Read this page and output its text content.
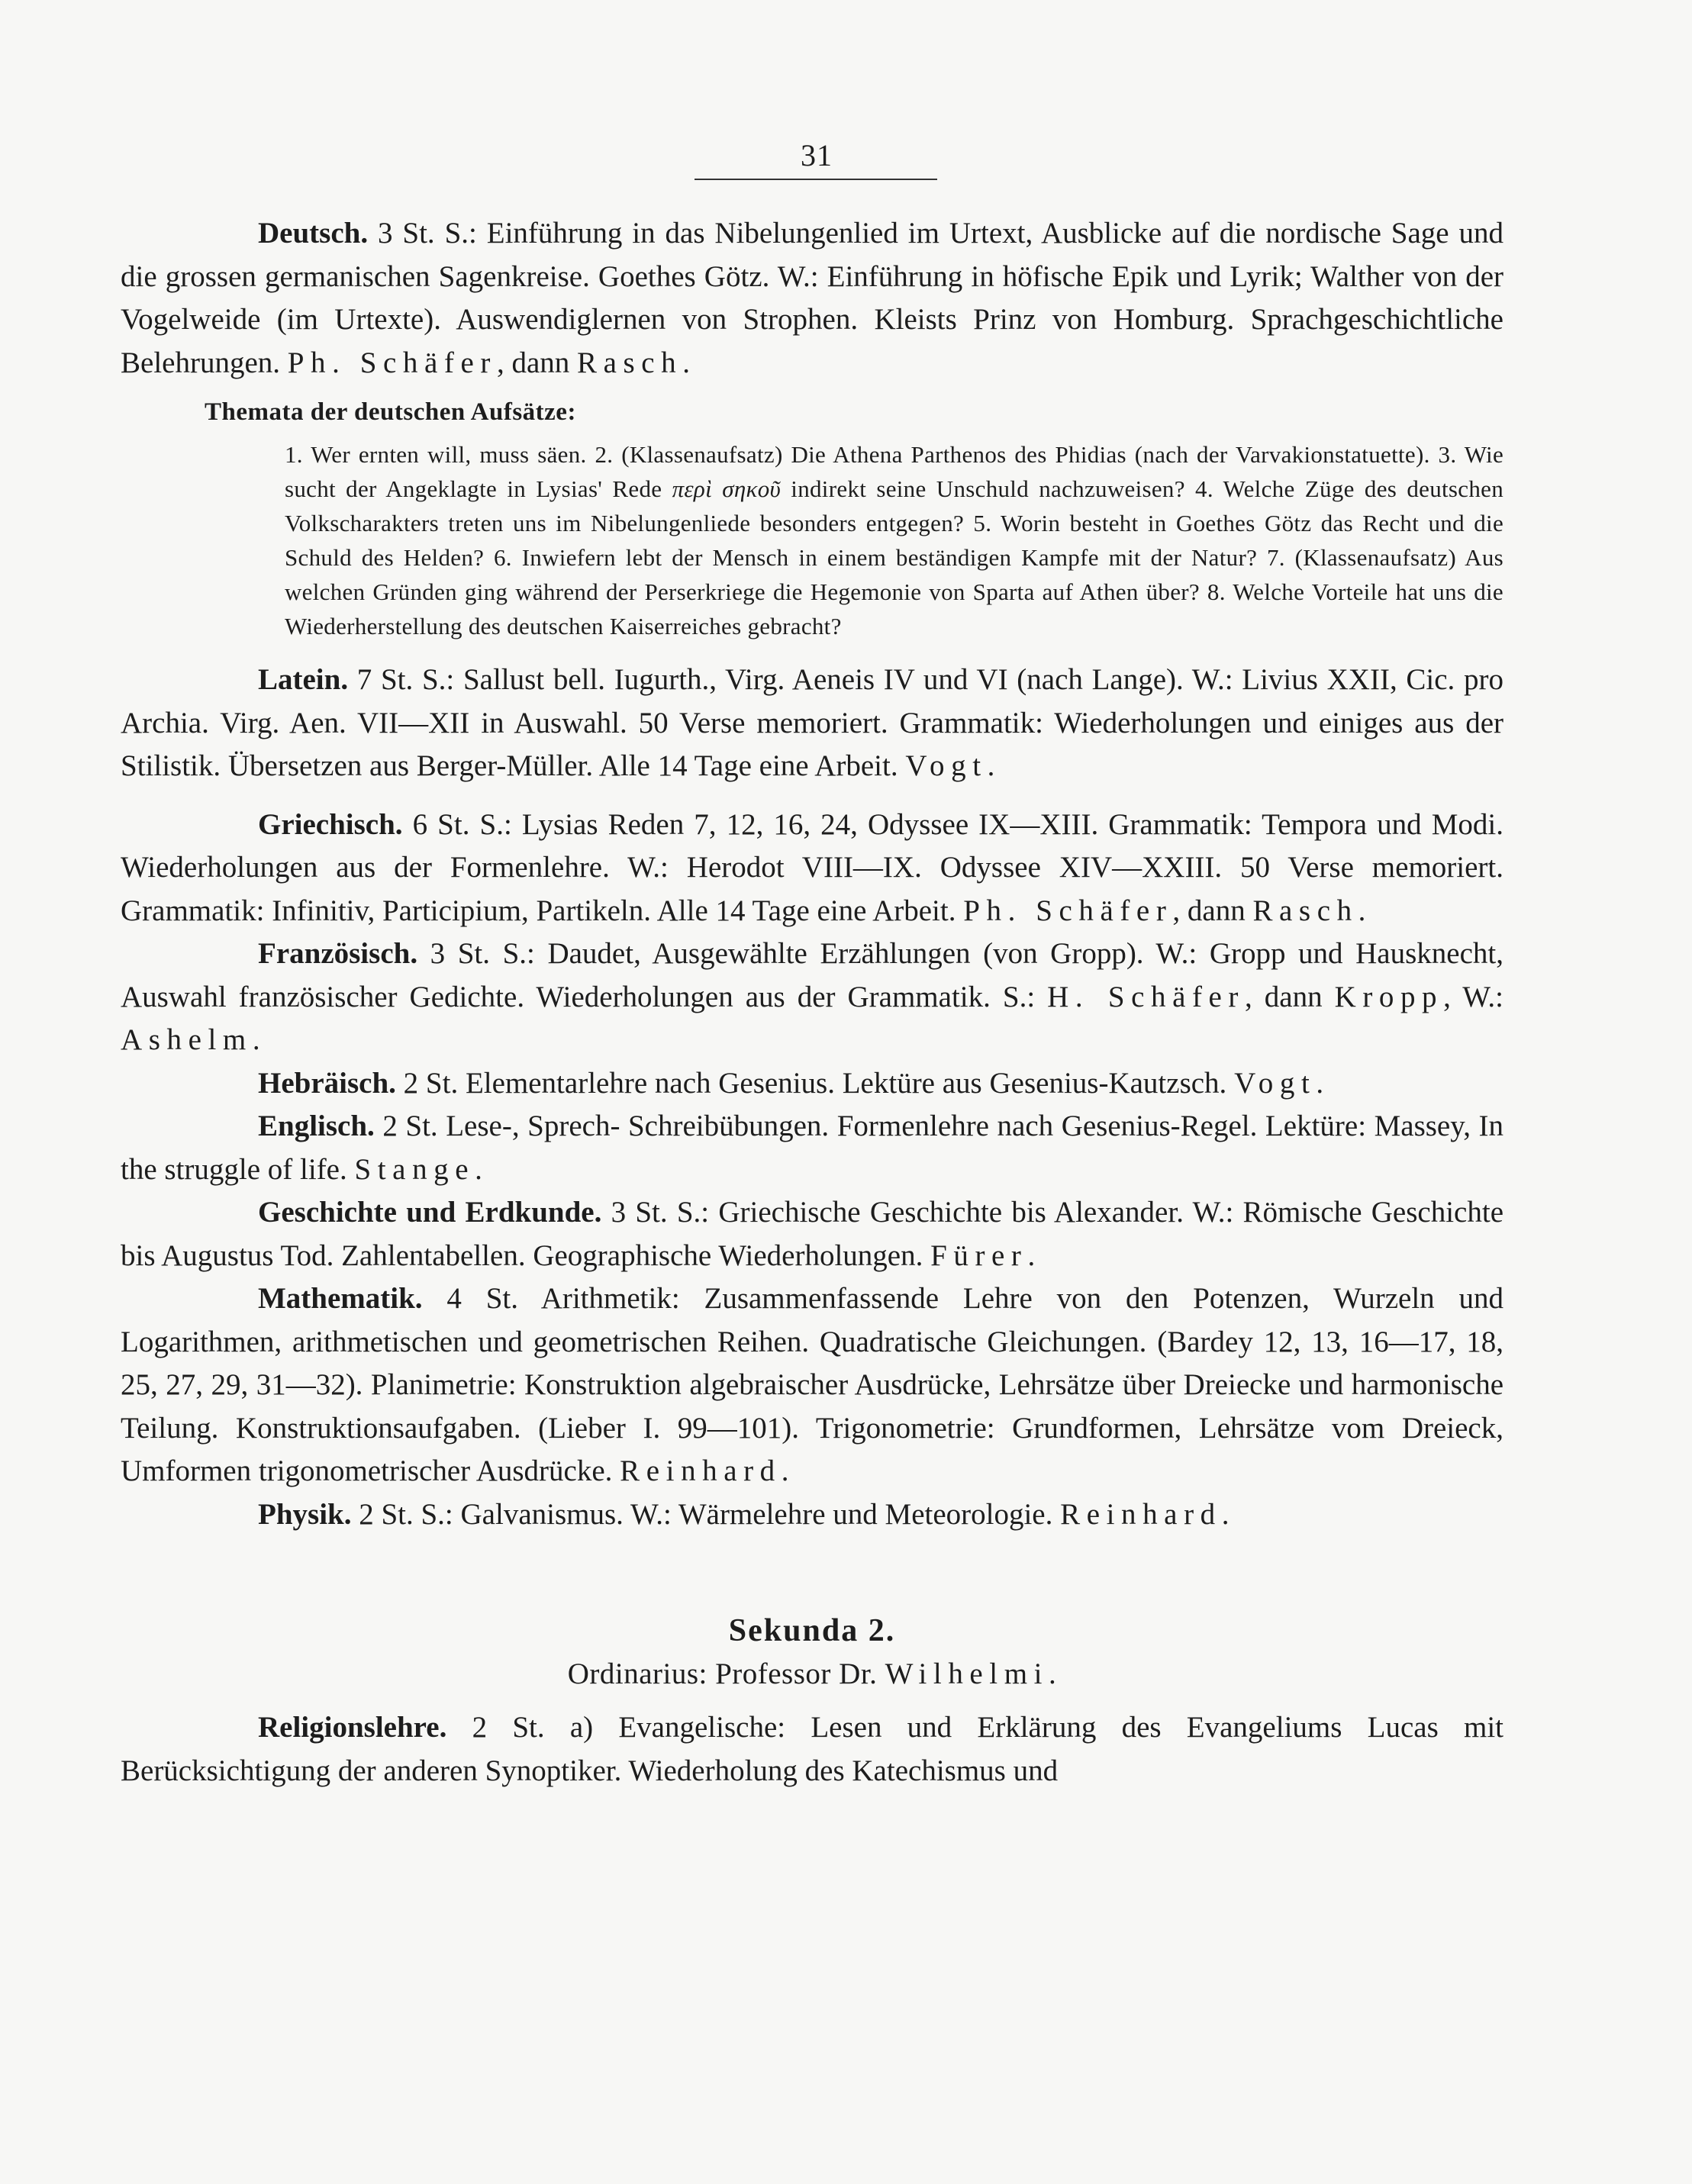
31

Deutsch. 3 St. S.: Einführung in das Nibelungenlied im Urtext, Ausblicke auf die nordische Sage und die grossen germanischen Sagenkreise. Goethes Götz. W.: Einführung in höfische Epik und Lyrik; Walther von der Vogelweide (im Urtexte). Auswendiglernen von Strophen. Kleists Prinz von Homburg. Sprachgeschichtliche Belehrungen. Ph. Schäfer, dann Rasch.

Themata der deutschen Aufsätze:

1. Wer ernten will, muss säen. 2. (Klassenaufsatz) Die Athena Parthenos des Phidias (nach der Varvakionstatuette). 3. Wie sucht der Angeklagte in Lysias' Rede περὶ σηκοῦ indirekt seine Unschuld nachzuweisen? 4. Welche Züge des deutschen Volkscharakters treten uns im Nibelungenliede besonders entgegen? 5. Worin besteht in Goethes Götz das Recht und die Schuld des Helden? 6. Inwiefern lebt der Mensch in einem beständigen Kampfe mit der Natur? 7. (Klassenaufsatz) Aus welchen Gründen ging während der Perserkriege die Hegemonie von Sparta auf Athen über? 8. Welche Vorteile hat uns die Wiederherstellung des deutschen Kaiserreiches gebracht?

Latein. 7 St. S.: Sallust bell. Iugurth., Virg. Aeneis IV und VI (nach Lange). W.: Livius XXII, Cic. pro Archia. Virg. Aen. VII—XII in Auswahl. 50 Verse memoriert. Grammatik: Wiederholungen und einiges aus der Stilistik. Übersetzen aus Berger-Müller. Alle 14 Tage eine Arbeit. Vogt.

Griechisch. 6 St. S.: Lysias Reden 7, 12, 16, 24, Odyssee IX—XIII. Grammatik: Tempora und Modi. Wiederholungen aus der Formenlehre. W.: Herodot VIII—IX. Odyssee XIV—XXIII. 50 Verse memoriert. Grammatik: Infinitiv, Participium, Partikeln. Alle 14 Tage eine Arbeit. Ph. Schäfer, dann Rasch.

Französisch. 3 St. S.: Daudet, Ausgewählte Erzählungen (von Gropp). W.: Gropp und Hausknecht, Auswahl französischer Gedichte. Wiederholungen aus der Grammatik. S.: H. Schäfer, dann Kropp, W.: Ashelm.

Hebräisch. 2 St. Elementarlehre nach Gesenius. Lektüre aus Gesenius-Kautzsch. Vogt.

Englisch. 2 St. Lese-, Sprech- Schreibübungen. Formenlehre nach Gesenius-Regel. Lektüre: Massey, In the struggle of life. Stange.

Geschichte und Erdkunde. 3 St. S.: Griechische Geschichte bis Alexander. W.: Römische Geschichte bis Augustus Tod. Zahlentabellen. Geographische Wiederholungen. Fürer.

Mathematik. 4 St. Arithmetik: Zusammenfassende Lehre von den Potenzen, Wurzeln und Logarithmen, arithmetischen und geometrischen Reihen. Quadratische Gleichungen. (Bardey 12, 13, 16—17, 18, 25, 27, 29, 31—32). Planimetrie: Konstruktion algebraischer Ausdrücke, Lehrsätze über Dreiecke und harmonische Teilung. Konstruktionsaufgaben. (Lieber I. 99—101). Trigonometrie: Grundformen, Lehrsätze vom Dreieck, Umformen trigonometrischer Ausdrücke. Reinhard.

Physik. 2 St. S.: Galvanismus. W.: Wärmelehre und Meteorologie. Reinhard.

Sekunda 2.
Ordinarius: Professor Dr. Wilhelmi.

Religionslehre. 2 St. a) Evangelische: Lesen und Erklärung des Evangeliums Lucas mit Berücksichtigung der anderen Synoptiker. Wiederholung des Katechismus und
